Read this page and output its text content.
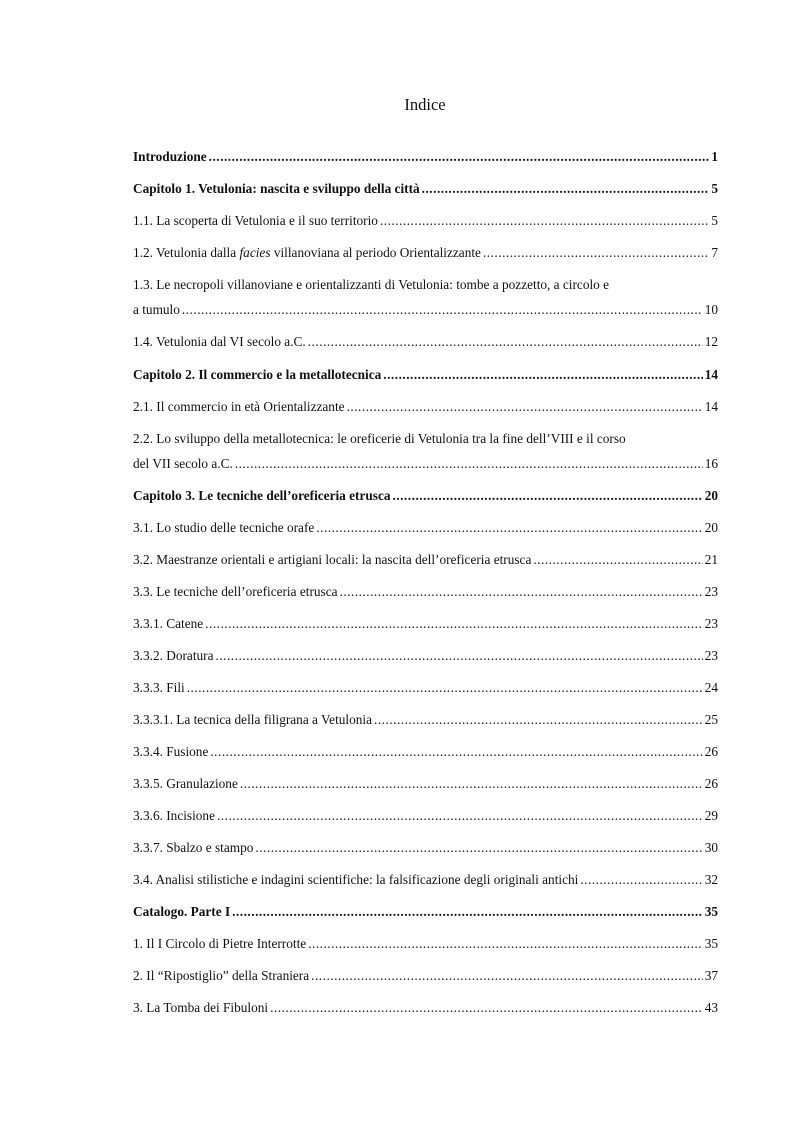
Indice
Introduzione .....	1
Capitolo 1. Vetulonia: nascita e sviluppo della città .....	5
1.1. La scoperta di Vetulonia e il suo territorio .....	5
1.2. Vetulonia dalla facies villanoviana al periodo Orientalizzante .....	7
1.3. Le necropoli villanoviane e orientalizzanti di Vetulonia: tombe a pozzetto, a circolo e
a tumulo .....	10
1.4. Vetulonia dal VI secolo a.C. .....	12
Capitolo 2. Il commercio e la metallotecnica .....	14
2.1. Il commercio in età Orientalizzante .....	14
2.2. Lo sviluppo della metallotecnica: le oreficerie di Vetulonia tra la fine dell’VIII e il corso
del VII secolo a.C. .....	16
Capitolo 3. Le tecniche dell’oreficeria etrusca .....	20
3.1. Lo studio delle tecniche orafe .....	20
3.2. Maestranze orientali e artigiani locali: la nascita dell’oreficeria etrusca .....	21
3.3. Le tecniche dell’oreficeria etrusca .....	23
3.3.1. Catene .....	23
3.3.2. Doratura .....	23
3.3.3. Fili .....	24
3.3.3.1. La tecnica della filigrana a Vetulonia .....	25
3.3.4. Fusione .....	26
3.3.5. Granulazione .....	26
3.3.6. Incisione .....	29
3.3.7. Sbalzo e stampo .....	30
3.4. Analisi stilistiche e indagini scientifiche: la falsificazione degli originali antichi .....	32
Catalogo. Parte I .....	35
1. Il I Circolo di Pietre Interrotte .....	35
2. Il “Ripostiglio” della Straniera .....	37
3. La Tomba dei Fibuloni .....	43
